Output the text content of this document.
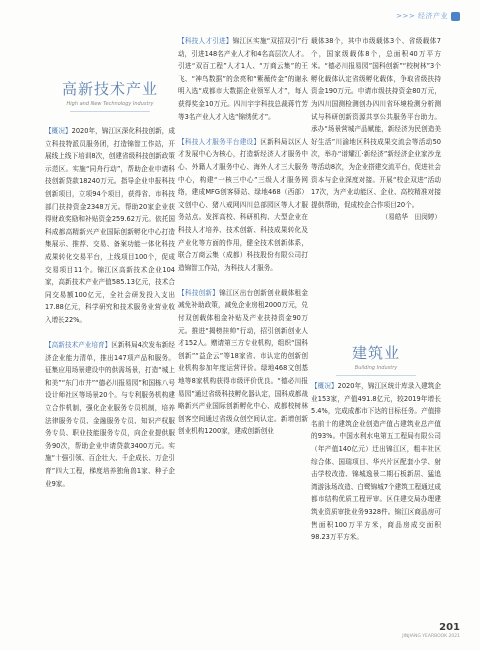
>>> 经济产业
高新技术产业
High and New Technology Industry

【概况】2020年，锦江区深化科技创新，成立科技特派员服务团，打造锦智工作站，开展线上线下培训8次，创建省级科技创新政策示范区。实施“同舟行动”，帮助企业申请科技创新贷款18240万元。指导企业申报科技创新项目，立项94个项目，获得省、市科技部门扶持资金2348万元。帮助20家企业获得财政奖励和补贴资金259.62万元。依托国科成都高精新兴产业国际创新孵化中心打造集展示、推荐、交易、备案功能一体化科技成果转化交易平台，上线项目100个，促成交易项目11个。锦江区高新技术企业104家，高新技术产业产值585.13亿元，技术合同交易额100亿元，全社会研发投入支出17.88亿元，科学研究和技术服务业营业收入增长22%。

【高新技术产业培育】区新科局4次发布新经济企业能力清单，推出147项产品和服务。征集应用场景建设中的供需场景，打造“城上和美”“东门市井”“德必川报易园”和国栋八号设计师社区等场景20个。与专利服务机构建立合作机制，强化企业服务专员机制，培养法律服务专员、金融服务专员、知识产权服务专员、职业技能服务专员，向企业提供服务90次，帮助企业申请贷款3400万元。实施“十强引领、百企壮大、千企成长、万企引育”四大工程，梯度培养独角兽1家、种子企业9家。

【科技人才引进】锦江区实施“双招双引”行动，引进148名产业人才和4名高层次人才。引进“双百工程”人才1人、“万商云集”的王飞、“神鸟数据”的余亮和“紫薇传金”的谢永明入选“成都市大数据企业领军人才”，每人获得奖金10万元。四川宇宇科技总裁蒋竹芳等3名产业人才入选“锦绣优才”。

【科技人才服务平台建设】区新科局以区人才发展中心为核心，打造新经济人才服务中心、外籍人才服务中心、海外人才三大服务中心，构建“一核三中心”三级人才服务网络，建成MFG创客驿站、绿地468（西部）文创中心、猪八戒网四川总部园区等人才服务站点。发挥高校、科研机构、大型企业在科技人才培养、技术创新、科技成果转化及产业化等方面的作用，健全技术创新体系，联合万商云集（成都）科技股份有限公司打造锦智工作站，为科技人才服务。

【科技创新】锦江区出台创新创业载体租金减免补助政策，减免企业房租2000万元，兑付双创载体租金补贴及产业扶持资金90万元。推进“揭榜挂帅”行动，招引创新创业人才152人。赠请第三方专业机构，组织“国科创新”“益企云”等18家省、市认定的创新创业机构参加年度运营评价。绿地468文创基地等8家机构获得市级评价优良。“德必川报易园”通过省级科技孵化器认定，国科成都战略新兴产业国际创新孵化中心、成都校树林创客空间通过省级众创空间认定。新增创新创业机构1200家，建成创新创业

载体38个，其中市级载体3个、省级载体7个，国家级载体8个，总面积40万平方米。“德必川报易园”国科创新”“校树林”3个孵化载体认定省级孵化载体，争取省级扶持资金190万元。申请市级扶持资金80万元，为四川国测检测创办四川省环境检测分析测试与科研创新资源共享公共服务平台助力。承办“场景营城产品赋能，新经济为民创造美好生活”川渝地区科技成果交流会等活动50次，举办“谱耀江·新经济”新经济企业家沙龙等活动8次，为企业搭建交流平台，促进社会资本与企业深度对接。开展“校企双进”活动17次，为产业动能区、企业、高校精准对接提供帮助，促成校企合作项目20个。

（易皓华　田闵婷）

建筑业
Building Industry

【概况】2020年，锦江区统计库录入建筑企业153家，产值491.8亿元，较2019年增长5.4%，完成成都市下达的目标任务。产值排名前十的建筑企业创造产值占建筑业总产值的93%。中国水利水电第五工程局有限公司（年产值140亿元）迁出锦江区，粗丰社区综合体、国瑞项目、华兴片区配套小学、射击学校改造、锦城逸景二期石板新居、猛追湾游泳场改造、白鹭锦城7个建筑工程通过成都市结构优质工程评审。区住建交局办理建筑业资质审批业务9328件。锦江区商品房可售面积100万平方米，商品房成交面积98.23万平方米。

201
JINJIANG YEARBOOK 2021
